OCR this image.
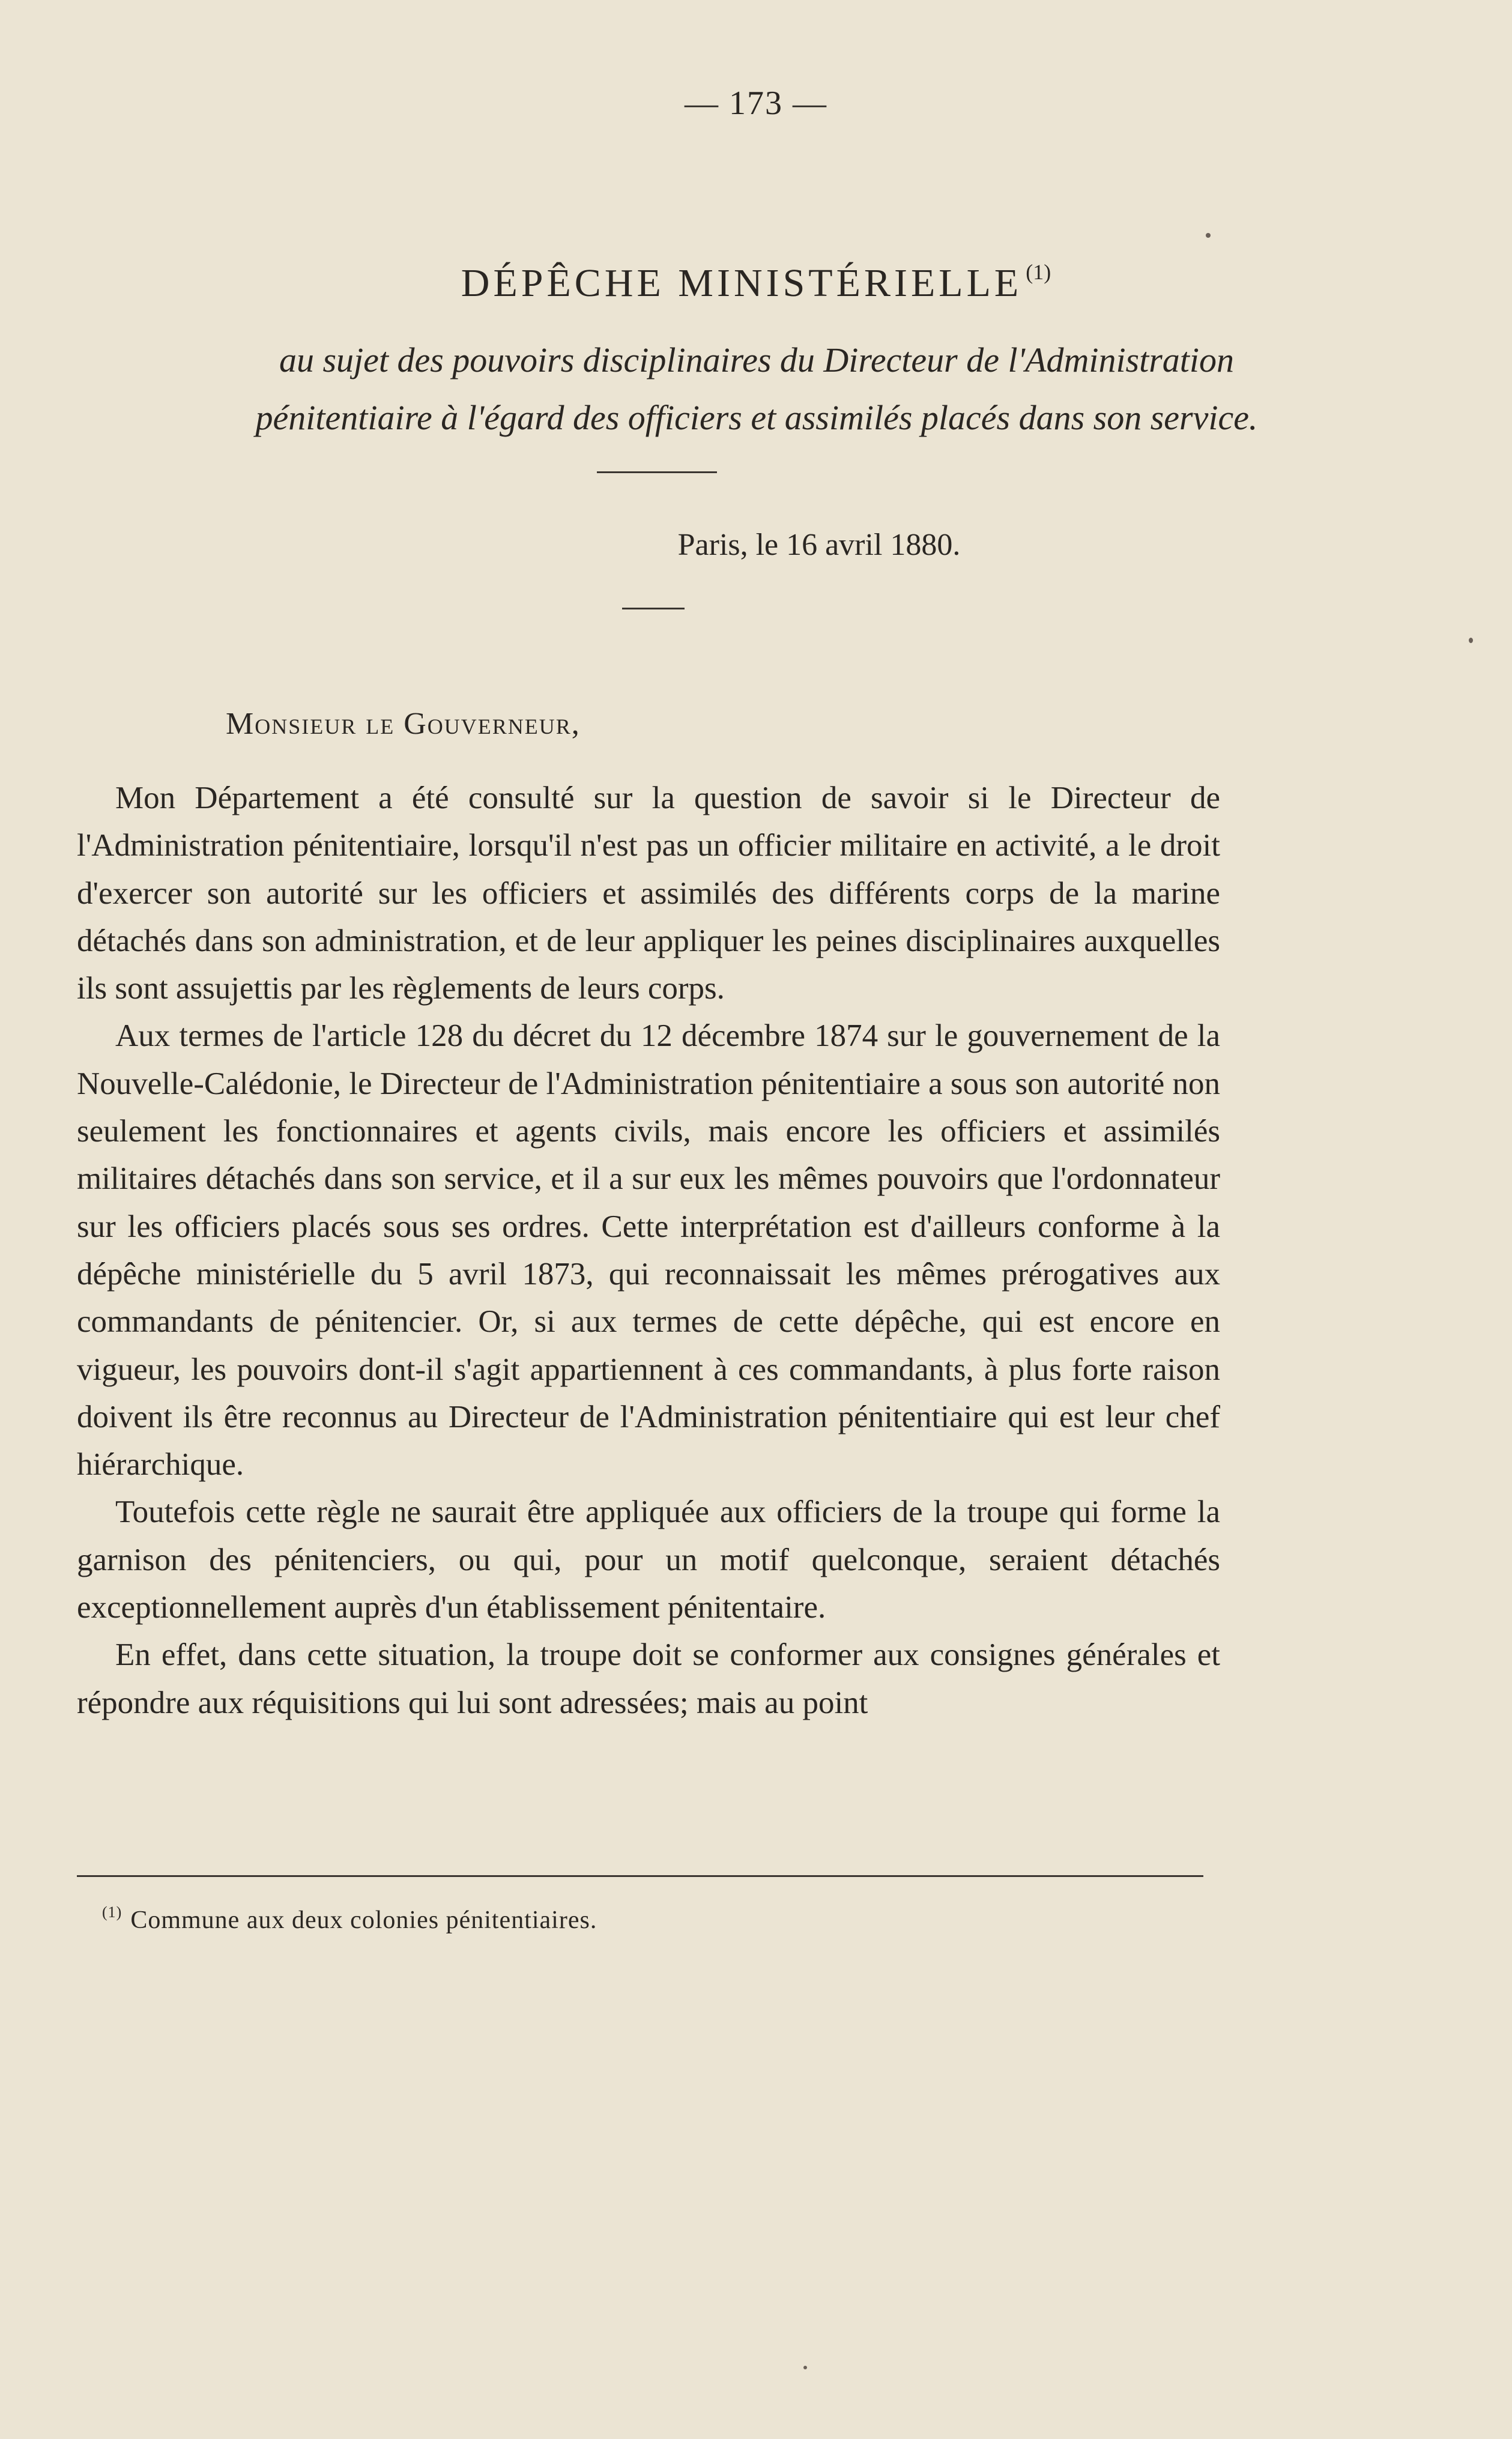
— 173 —
DÉPÊCHE MINISTÉRIELLE $^{(1)}$
au sujet des pouvoirs disciplinaires du Directeur de l'Administration
pénitentiaire à l'égard des officiers et assimilés placés dans son service.
Paris, le 16 avril 1880.
Monsieur le Gouverneur,

Mon Département a été consulté sur la question de savoir si le Directeur de l'Administration pénitentiaire, lorsqu'il n'est pas un officier militaire en activité, a le droit d'exercer son autorité sur les officiers et assimilés des différents corps de la marine détachés dans son administration, et de leur appliquer les peines disciplinaires auxquelles ils sont assujettis par les règlements de leurs corps.

Aux termes de l'article 128 du décret du 12 décembre 1874 sur le gouvernement de la Nouvelle-Calédonie, le Directeur de l'Administration pénitentiaire a sous son autorité non seulement les fonctionnaires et agents civils, mais encore les officiers et assimilés militaires détachés dans son service, et il a sur eux les mêmes pouvoirs que l'ordonnateur sur les officiers placés sous ses ordres. Cette interprétation est d'ailleurs conforme à la dépêche ministérielle du 5 avril 1873, qui reconnaissait les mêmes prérogatives aux commandants de pénitencier. Or, si aux termes de cette dépêche, qui est encore en vigueur, les pouvoirs dont-il s'agit appartiennent à ces commandants, à plus forte raison doivent ils être reconnus au Directeur de l'Administration pénitentiaire qui est leur chef hiérarchique.

Toutefois cette règle ne saurait être appliquée aux officiers de la troupe qui forme la garnison des pénitenciers, ou qui, pour un motif quelconque, seraient détachés exceptionnellement auprès d'un établissement pénitentaire.

En effet, dans cette situation, la troupe doit se conformer aux consignes générales et répondre aux réquisitions qui lui sont adressées; mais au point

$^{(1)}$ Commune aux deux colonies pénitentiaires.
